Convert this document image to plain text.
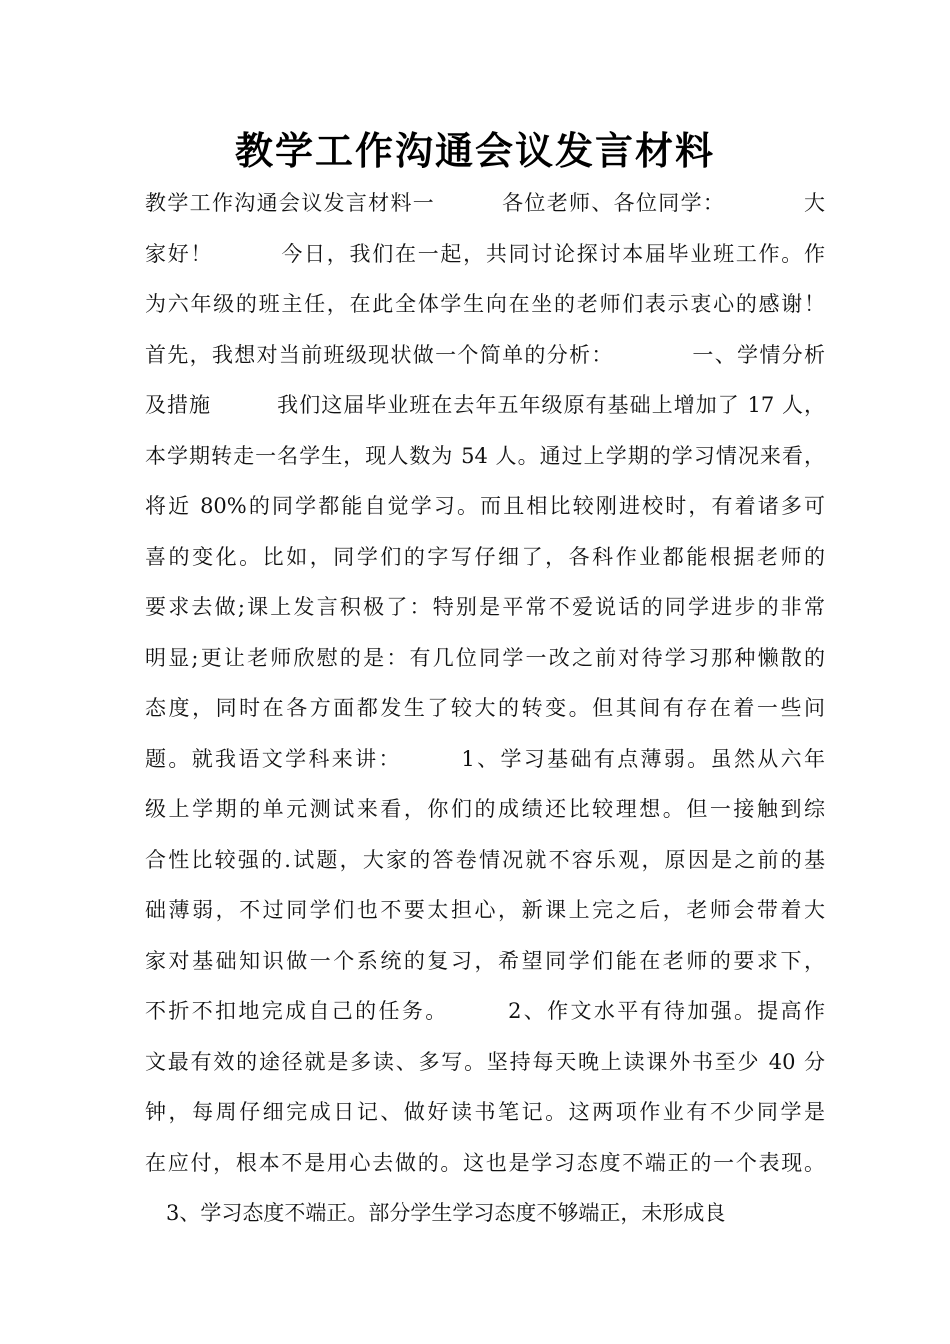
教学工作沟通会议发言材料
教学工作沟通会议发言材料一　　　各位老师、各位同学：　　　　大
家好！　　　今日，我们在一起，共同讨论探讨本届毕业班工作。作
为六年级的班主任，在此全体学生向在坐的老师们表示衷心的感谢！
首先，我想对当前班级现状做一个简单的分析：　　　　一、学情分析
及措施　　　我们这届毕业班在去年五年级原有基础上增加了 17 人，
本学期转走一名学生，现人数为 54 人。通过上学期的学习情况来看，
将近 80%的同学都能自觉学习。而且相比较刚进校时，有着诸多可
喜的变化。比如，同学们的字写仔细了，各科作业都能根据老师的
要求去做;课上发言积极了：特别是平常不爱说话的同学进步的非常
明显;更让老师欣慰的是：有几位同学一改之前对待学习那种懒散的
态度，同时在各方面都发生了较大的转变。但其间有存在着一些问
题。就我语文学科来讲：　　　1、学习基础有点薄弱。虽然从六年
级上学期的单元测试来看，你们的成绩还比较理想。但一接触到综
合性比较强的.试题，大家的答卷情况就不容乐观，原因是之前的基
础薄弱，不过同学们也不要太担心，新课上完之后，老师会带着大
家对基础知识做一个系统的复习，希望同学们能在老师的要求下，
不折不扣地完成自己的任务。　　　2、作文水平有待加强。提高作
文最有效的途径就是多读、多写。坚持每天晚上读课外书至少 40 分
钟，每周仔细完成日记、做好读书笔记。这两项作业有不少同学是
在应付，根本不是用心去做的。这也是学习态度不端正的一个表现。
　3、学习态度不端正。部分学生学习态度不够端正，未形成良
